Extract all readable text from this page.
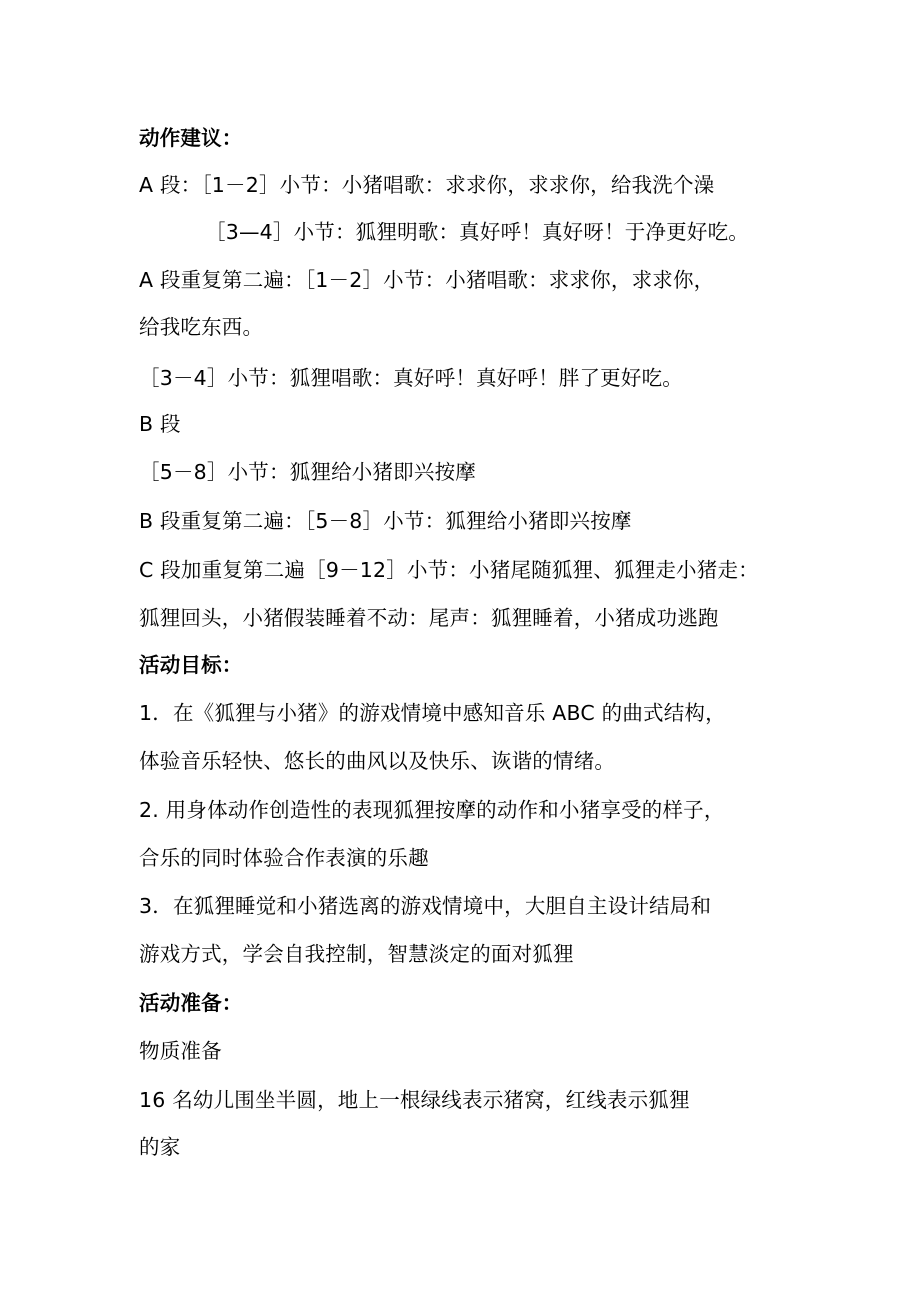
动作建议：
A 段：［1－2］小节：小猪唱歌：求求你，求求你，给我洗个澡
［3—4］小节：狐狸明歌：真好呼！真好呀！于净更好吃。
A 段重复第二遍：［1－2］小节：小猪唱歌：求求你，求求你，
给我吃东西。
［3－4］小节：狐狸唱歌：真好呼！真好呼！胖了更好吃。
B 段
［5－8］小节：狐狸给小猪即兴按摩
B 段重复第二遍：［5－8］小节：狐狸给小猪即兴按摩
C 段加重复第二遍［9－12］小节：小猪尾随狐狸、狐狸走小猪走：
狐狸回头，小猪假装睡着不动：尾声：狐狸睡着，小猪成功逃跑
活动目标：
1．在《狐狸与小猪》的游戏情境中感知音乐 ABC 的曲式结构，
体验音乐轻快、悠长的曲风以及快乐、诙谐的情绪。
2. 用身体动作创造性的表现狐狸按摩的动作和小猪享受的样子，
合乐的同时体验合作表演的乐趣
3．在狐狸睡觉和小猪选离的游戏情境中，大胆自主设计结局和
游戏方式，学会自我控制，智慧淡定的面对狐狸
活动准备：
物质准备
16 名幼儿围坐半圆，地上一根绿线表示猪窝，红线表示狐狸
的家
